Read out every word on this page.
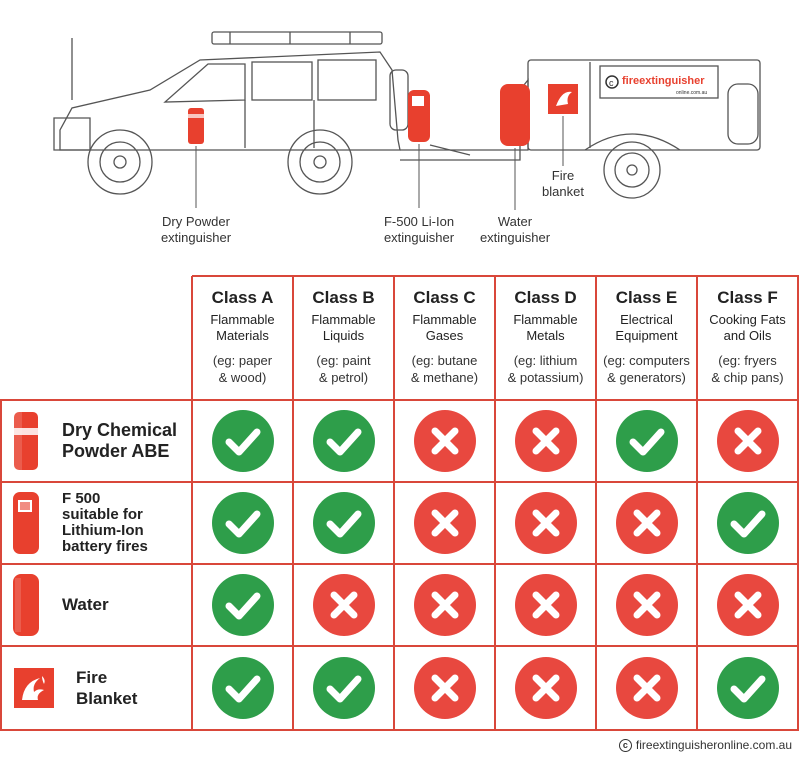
c fireextinguisher
online.com.au
Dry Powder
extinguisher
F-500 Li-Ion
extinguisher
Water
extinguisher
Fire
blanket
Class A
Flammable
Materials
(eg: paper
& wood)
Class B
Flammable
Liquids
(eg: paint
& petrol)
Class C
Flammable
Gases
(eg: butane
& methane)
Class D
Flammable
Metals
(eg: lithium
& potassium)
Class E
Electrical
Equipment
(eg: computers
& generators)
Class F
Cooking Fats
and Oils
(eg: fryers
& chip pans)
Dry Chemical
Powder ABE
F 500
suitable for
Lithium-Ion
battery fires
Water
Fire
Blanket
c fireextinguisheronline.com.au
